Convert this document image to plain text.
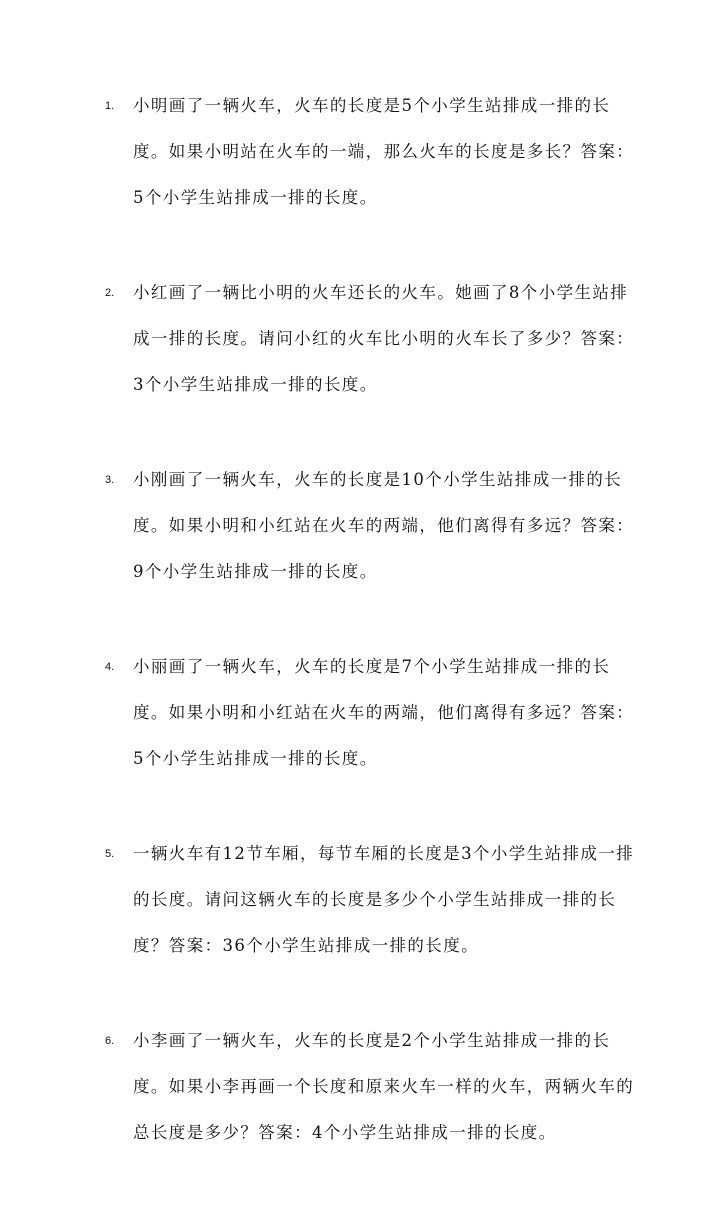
1. 小明画了一辆火车，火车的长度是5个小学生站排成一排的长度。如果小明站在火车的一端，那么火车的长度是多长？答案：5个小学生站排成一排的长度。
2. 小红画了一辆比小明的火车还长的火车。她画了8个小学生站排成一排的长度。请问小红的火车比小明的火车长了多少？答案：3个小学生站排成一排的长度。
3. 小刚画了一辆火车，火车的长度是10个小学生站排成一排的长度。如果小明和小红站在火车的两端，他们离得有多远？答案：9个小学生站排成一排的长度。
4. 小丽画了一辆火车，火车的长度是7个小学生站排成一排的长度。如果小明和小红站在火车的两端，他们离得有多远？答案：5个小学生站排成一排的长度。
5. 一辆火车有12节车厢，每节车厢的长度是3个小学生站排成一排的长度。请问这辆火车的长度是多少个小学生站排成一排的长度？答案：36个小学生站排成一排的长度。
6. 小李画了一辆火车，火车的长度是2个小学生站排成一排的长度。如果小李再画一个长度和原来火车一样的火车，两辆火车的总长度是多少？答案：4个小学生站排成一排的长度。
